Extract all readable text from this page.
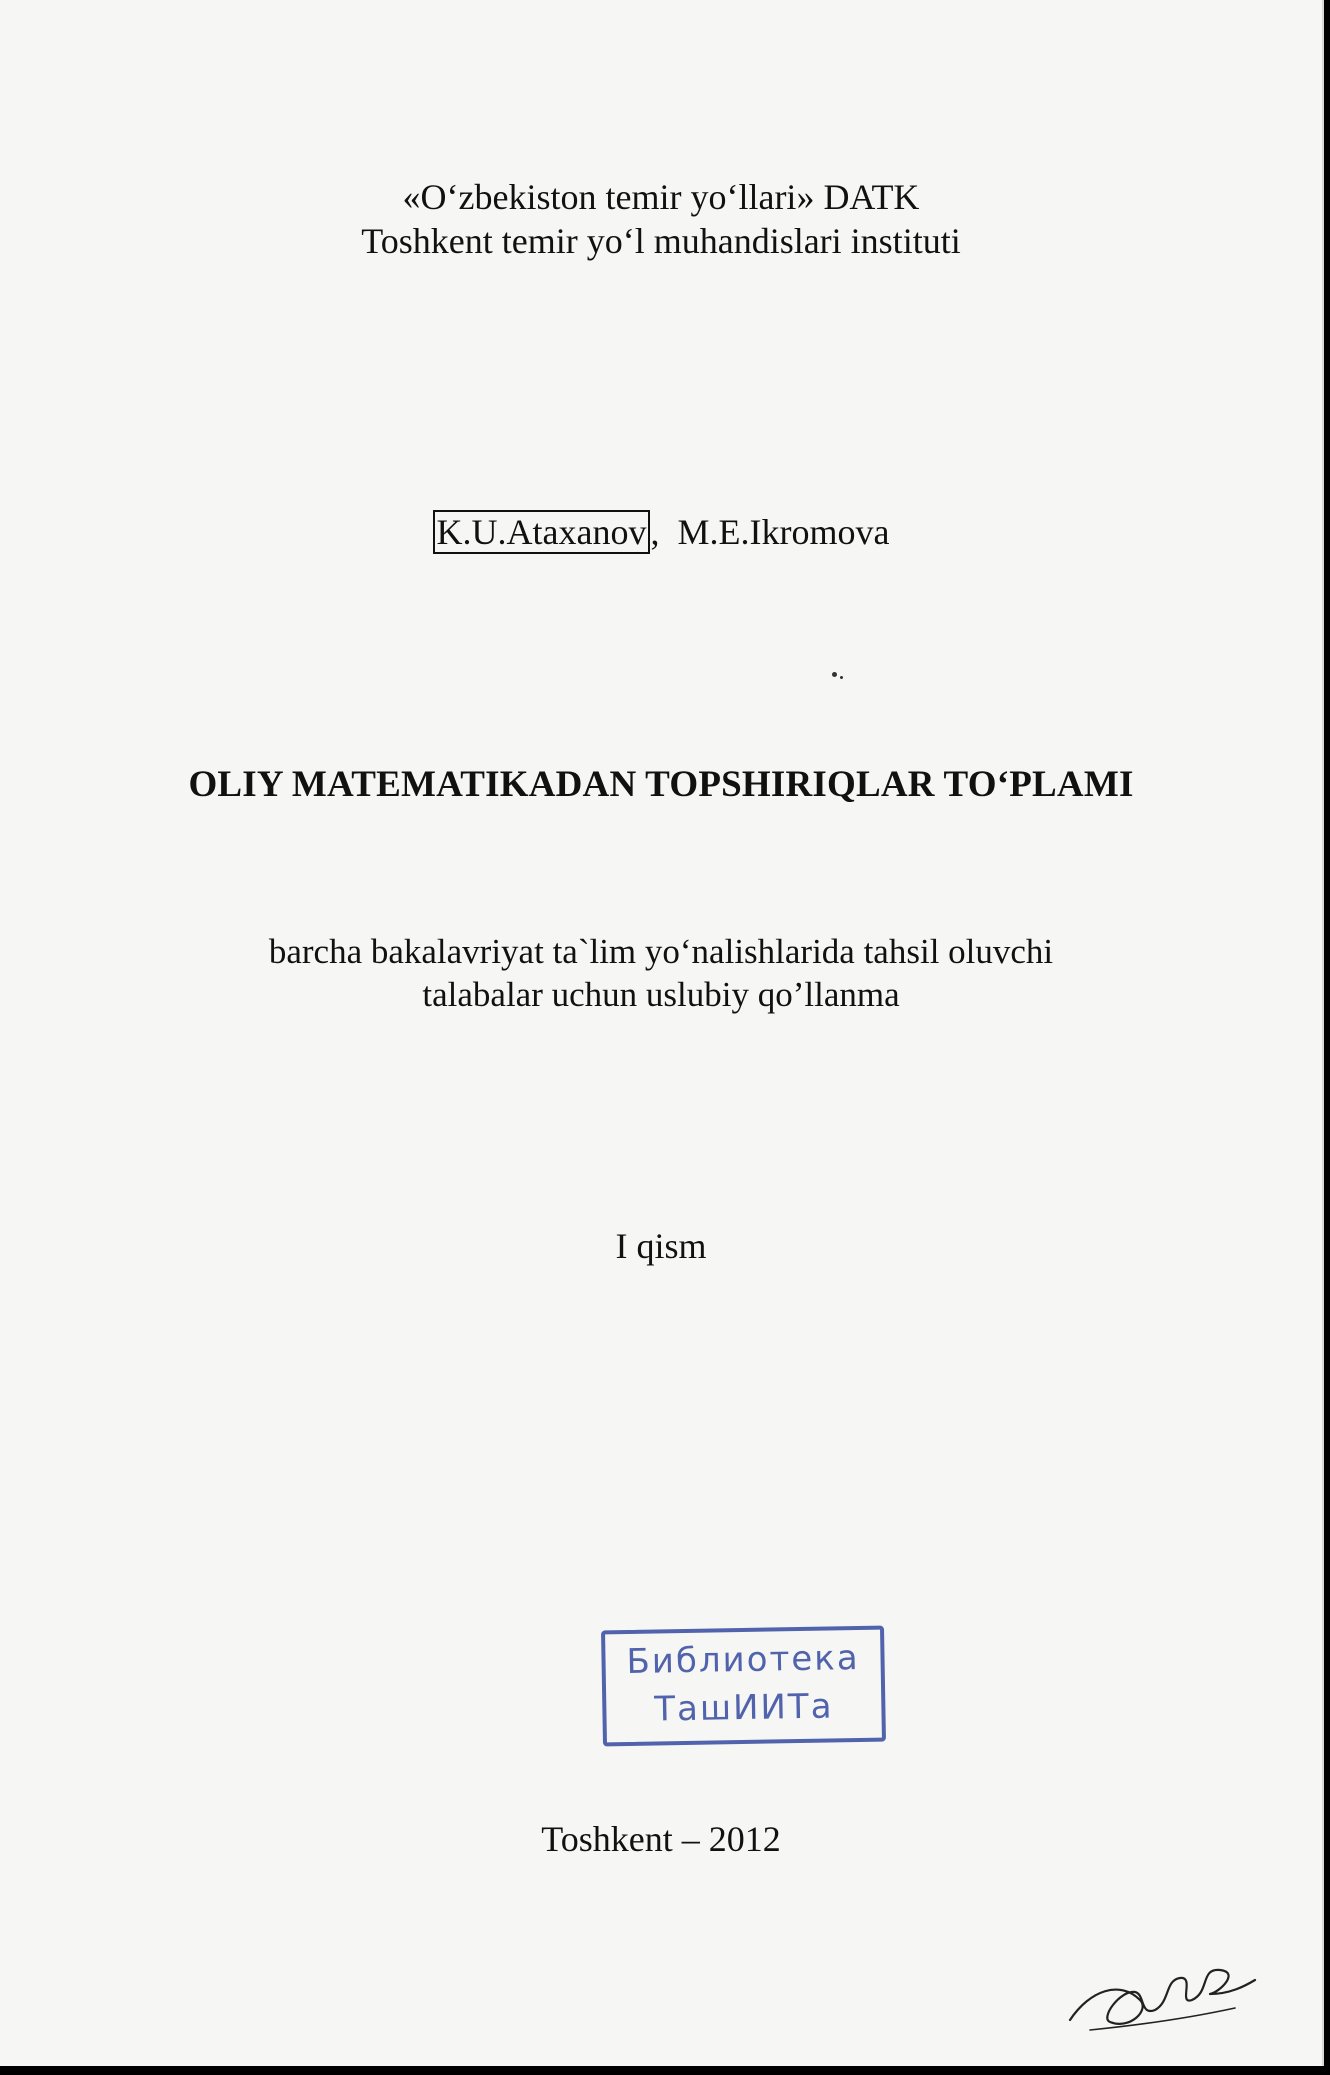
«O‘zbekiston temir yo‘llari» DATK
Toshkent temir yo‘l muhandislari instituti
K.U.Ataxanov , M.E.Ikromova
OLIY MATEMATIKADAN TOPSHIRIQLAR TO‘PLAMI
barcha bakalavriyat ta`lim yo‘nalishlarida tahsil oluvchi
talabalar uchun uslubiy qo’llanma
I qism
Библиотека
ТашИИТа
Toshkent – 2012
